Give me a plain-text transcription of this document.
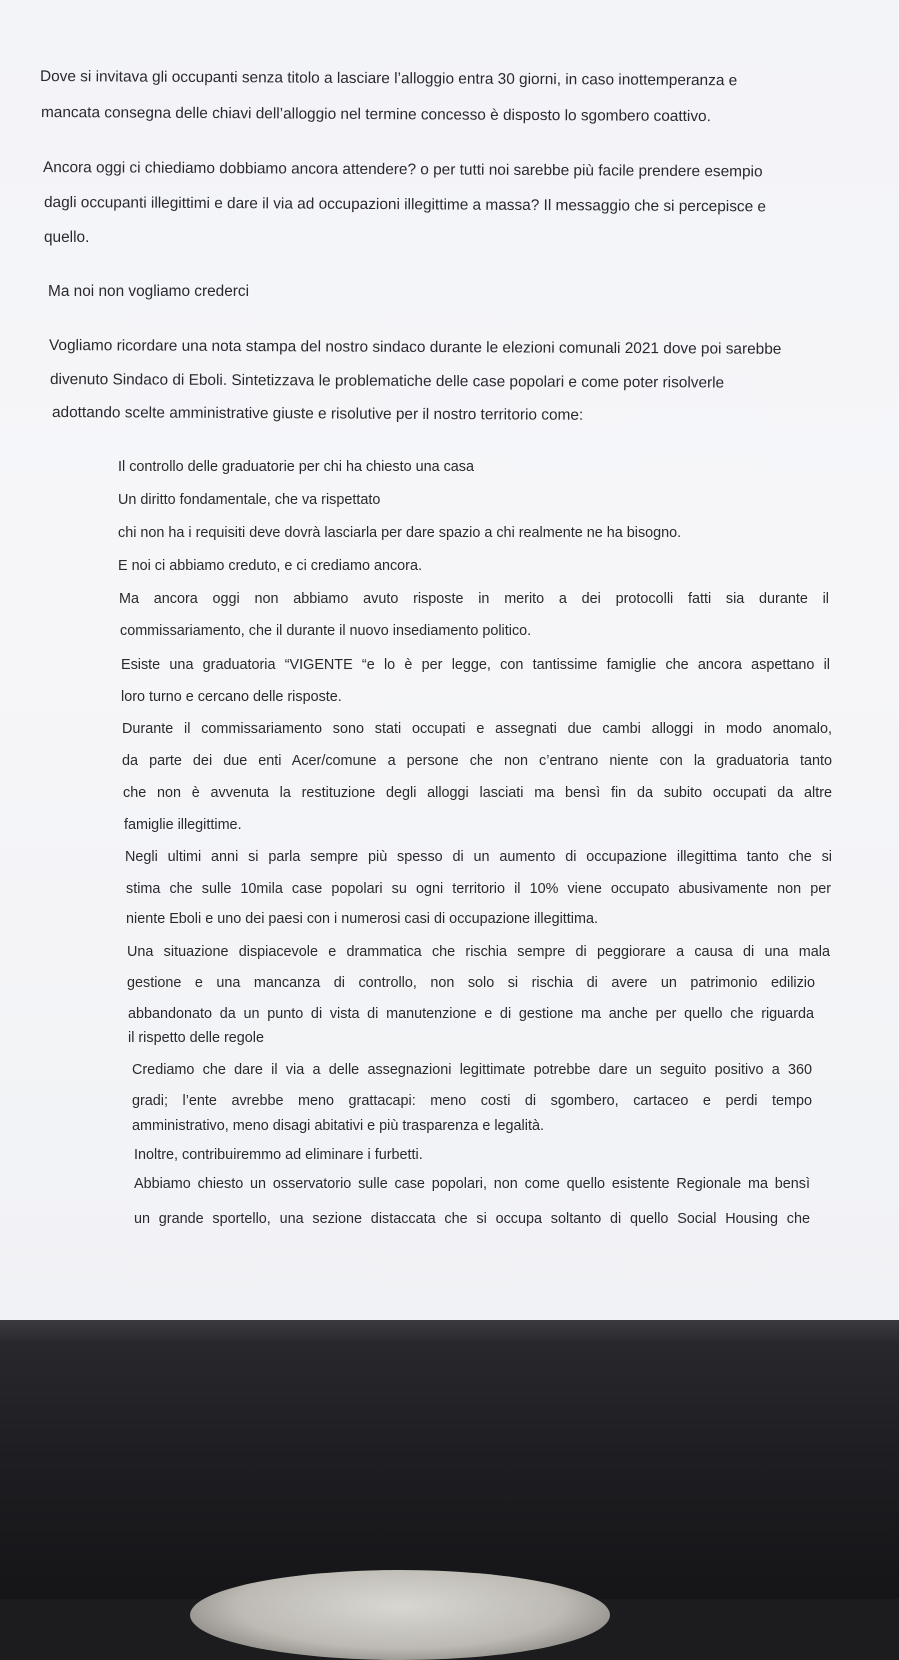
Dove si invitava gli occupanti senza titolo a lasciare l’alloggio entra 30 giorni, in caso inottemperanza e
mancata consegna delle chiavi dell’alloggio nel termine concesso è disposto lo sgombero coattivo.
Ancora oggi ci chiediamo dobbiamo ancora attendere? o per tutti noi sarebbe più facile prendere esempio
dagli occupanti illegittimi e dare il via ad occupazioni illegittime a massa? Il messaggio che si percepisce e
quello.
Ma noi non vogliamo crederci
Vogliamo ricordare una nota stampa del nostro sindaco durante le elezioni comunali 2021 dove poi sarebbe
divenuto Sindaco di Eboli. Sintetizzava le problematiche delle case popolari e come poter risolverle
adottando scelte amministrative giuste e risolutive per il nostro territorio come:
Il controllo delle graduatorie per chi ha chiesto una casa
Un diritto fondamentale, che va rispettato
chi non ha i requisiti deve dovrà lasciarla per dare spazio a chi realmente ne ha bisogno.
E noi ci abbiamo creduto, e ci crediamo ancora.
Ma ancora oggi non abbiamo avuto risposte in merito a dei protocolli fatti sia durante il
commissariamento, che il durante il nuovo insediamento politico.
Esiste una graduatoria “VIGENTE “e lo è per legge, con tantissime famiglie che ancora aspettano il
loro turno e cercano delle risposte.
Durante il commissariamento sono stati occupati e assegnati due cambi alloggi in modo anomalo,
da parte dei due enti Acer/comune a persone che non c’entrano niente con la graduatoria tanto
che non è avvenuta la restituzione degli alloggi lasciati ma bensì fin da subito occupati da altre
famiglie illegittime.
Negli ultimi anni si parla sempre più spesso di un aumento di occupazione illegittima tanto che si
stima che sulle 10mila case popolari su ogni territorio il 10% viene occupato abusivamente non per
niente Eboli e uno dei paesi con i numerosi casi di occupazione illegittima.
Una situazione dispiacevole e drammatica che rischia sempre di peggiorare a causa di una mala
gestione e una mancanza di controllo, non solo si rischia di avere un patrimonio edilizio
abbandonato da un punto di vista di manutenzione e di gestione ma anche per quello che riguarda
il rispetto delle regole
Crediamo che dare il via a delle assegnazioni legittimate potrebbe dare un seguito positivo a 360
gradi; l’ente avrebbe meno grattacapi: meno costi di sgombero, cartaceo e perdi tempo
amministrativo, meno disagi abitativi e più trasparenza e legalità.
Inoltre, contribuiremmo ad eliminare i furbetti.
Abbiamo chiesto un osservatorio sulle case popolari, non come quello esistente Regionale ma bensì
un grande sportello, una sezione distaccata che si occupa soltanto di quello Social Housing che
